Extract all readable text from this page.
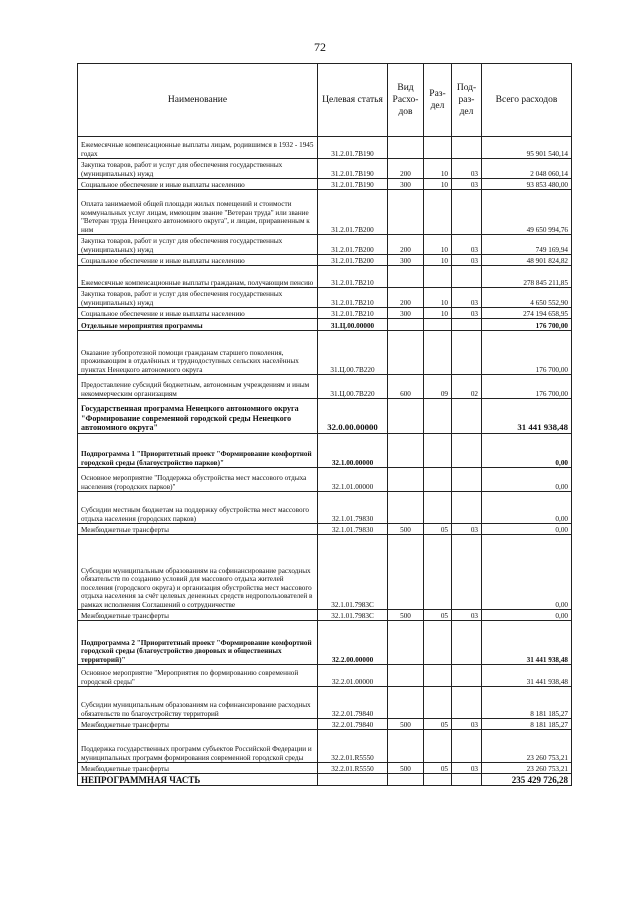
72
Наименование	Целевая статья	Вид Расхо-дов	Раз-дел	Под-раз-дел	Всего расходов
Ежемесячные компенсационные выплаты лицам, родившимся в 1932 - 1945 годах	31.2.01.7В190				95 901 540,14
Закупка товаров, работ и услуг для обеспечения государственных (муниципальных) нужд	31.2.01.7В190	200	10	03	2 048 060,14
Социальное обеспечение и иные выплаты населению	31.2.01.7В190	300	10	03	93 853 480,00
Оплата занимаемой общей площади жилых помещений и стоимости коммунальных услуг лицам, имеющим звание "Ветеран труда" или звание "Ветеран труда Ненецкого автономного округа", и лицам, приравненным к ним	31.2.01.7В200				49 650 994,76
Закупка товаров, работ и услуг для обеспечения государственных (муниципальных) нужд	31.2.01.7В200	200	10	03	749 169,94
Социальное обеспечение и иные выплаты населению	31.2.01.7В200	300	10	03	48 901 824,82
Ежемесячные компенсационные выплаты гражданам, получающим пенсию	31.2.01.7В210				278 845 211,85
Закупка товаров, работ и услуг для обеспечения государственных (муниципальных) нужд	31.2.01.7В210	200	10	03	4 650 552,90
Социальное обеспечение и иные выплаты населению	31.2.01.7В210	300	10	03	274 194 658,95
Отдельные мероприятия программы	31.Ц.00.00000				176 700,00
Оказание зубопротезной помощи гражданам старшего поколения, проживающим в отдалённых и труднодоступных сельских населённых пунктах Ненецкого автономного округа	31.Ц.00.7В220				176 700,00
Предоставление субсидий бюджетным, автономным учреждениям и иным некоммерческим организациям	31.Ц.00.7В220	600	09	02	176 700,00
Государственная программа Ненецкого автономного округа "Формирование современной городской среды Ненецкого автономного округа"	32.0.00.00000				31 441 938,48
Подпрограмма 1 "Приоритетный проект "Формирование комфортной городской среды (благоустройство парков)"	32.1.00.00000				0,00
Основное мероприятие "Поддержка обустройства мест массового отдыха населения (городских парков)"	32.1.01.00000				0,00
Субсидии местным бюджетам на поддержку обустройства мест массового отдыха населения (городских парков)	32.1.01.79830				0,00
Межбюджетные трансферты	32.1.01.79830	500	05	03	0,00
Субсидии муниципальным образованиям на софинансирование расходных обязательств по созданию условий для массового отдыха жителей поселения (городского округа) и организация обустройства мест массового отдыха населения за счёт целевых денежных средств недропользователей в рамках исполнения Соглашений о сотрудничестве	32.1.01.7983С				0,00
Межбюджетные трансферты	32.1.01.7983С	500	05	03	0,00
Подпрограмма 2 "Приоритетный проект "Формирование комфортной городской среды (благоустройство дворовых и общественных территорий)"	32.2.00.00000				31 441 938,48
Основное мероприятие "Мероприятия по формированию современной городской среды"	32.2.01.00000				31 441 938,48
Субсидии муниципальным образованиям на софинансирование расходных обязательств по благоустройству территорий	32.2.01.79840				8 181 185,27
Межбюджетные трансферты	32.2.01.79840	500	05	03	8 181 185,27
Поддержка государственных программ субъектов Российской Федерации и муниципальных программ формирования современной городской среды	32.2.01.R5550				23 260 753,21
Межбюджетные трансферты	32.2.01.R5550	500	05	03	23 260 753,21
НЕПРОГРАММНАЯ ЧАСТЬ					235 429 726,28
